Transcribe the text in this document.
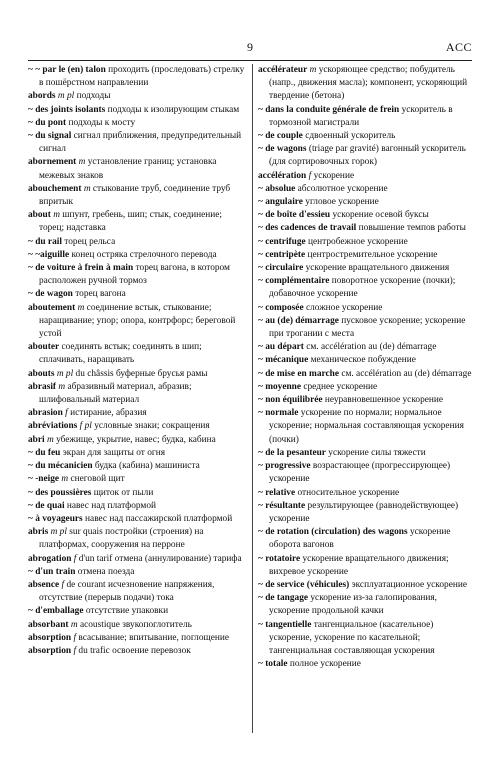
9	ACC

~ ~ par le (en) talon проходить (проследовать) стрелку в пошёрстном направлении

abords m pl подходы

~ des joints isolants подходы к изолирующим стыкам

~ du pont подходы к мосту

~ du signal сигнал приближения, предупредительный сигнал

abornement m установление границ; установка межевых знаков

abouchement m стыкование труб, соединение труб впритык

about m шпунт, гребень, шип; стык, соединение; торец; надставка

~ du rail торец рельса

~ ~aiguille конец остряка стрелочного перевода

~ de voiture à frein à main торец вагона, в котором расположен ручной тормоз

~ de wagon торец вагона

aboutement m соединение встык, стыкование; наращивание; упор; опора, контрфорс; береговой устой

abouter соединять встык; соединять в шип; сплачивать, наращивать

abouts m pl du châssis буферные брусья рамы

abrasif m абразивный материал, абразив; шлифовальный материал

abrasion f истирание, абразия

abréviations f pl условные знаки; сокращения

abri m убежище, укрытие, навес; будка, кабина

~ du feu экран для защиты от огня

~ du mécanicien будка (кабина) машиниста

~ -neige m снеговой щит

~ des poussières щиток от пыли

~ de quai навес над платформой

~ à voyageurs навес над пассажирской платформой

abris m pl sur quais постройки (строения) на платформах, сооружения на перроне

abrogation f d'un tarif отмена (аннулирование) тарифа

~ d'un train отмена поезда

absence f de courant исчезновение напряжения, отсутствие (перерыв подачи) тока

~ d'emballage отсутствие упаковки

absorbant m acoustique звукопоглотитель

absorption f всасывание; впитывание, поглощение

absorption f du trafic освоение перевозок

accélérateur m ускоряющее средство; побудитель (напр., движения масла); компонент, ускоряющий твердение (бетона)

~ dans la conduite générale de frein ускоритель в тормозной магистрали

~ de couple сдвоенный ускоритель

~ de wagons (triage par gravité) вагонный ускоритель (для сортировочных горок)

accélération f ускорение

~ absolue абсолютное ускорение

~ angulaire угловое ускорение

~ de boîte d'essieu ускорение осевой буксы

~ des cadences de travail повышение темпов работы

~ centrifuge центробежное ускорение

~ centripète центростремительное ускорение

~ circulaire ускорение вращательного движения

~ complémentaire поворотное ускорение (почки); добавочное ускорение

~ composée сложное ускорение

~ au (de) démarrage пусковое ускорение; ускорение при трогании с места

~ au départ см. accélération au (de) démarrage

~ mécanique механическое побуждение

~ de mise en marche см. accélération au (de) démarrage

~ moyenne среднее ускорение

~ non équilibrée неуравновешенное ускорение

~ normale ускорение по нормали; нормальное ускорение; нормальная составляющая ускорения (почки)

~ de la pesanteur ускорение силы тяжести

~ progressive возрастающее (прогрессирующее) ускорение

~ relative относительное ускорение

~ résultante результирующее (равнодействующее) ускорение

~ de rotation (circulation) des wagons ускорение оборота вагонов

~ rotatoire ускорение вращательного движения; вихревое ускорение

~ de service (véhicules) эксплуатационное ускорение

~ de tangage ускорение из-за галопирования, ускорение продольной качки

~ tangentielle тангенциальное (касательное) ускорение, ускорение по касательной; тангенциальная составляющая ускорения

~ totale полное ускорение
